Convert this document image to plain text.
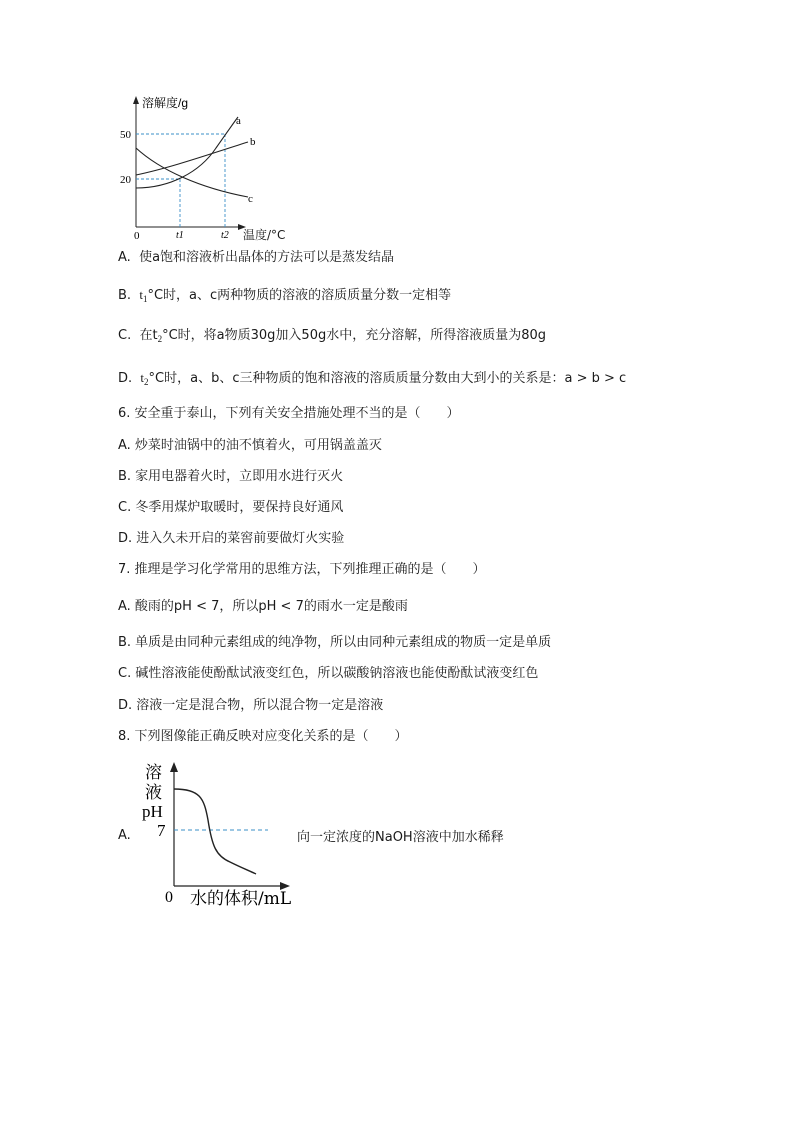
溶解度/g
50
20
0	t1	t2
a
b
c
温度/°C
A. 使a饱和溶液析出晶体的方法可以是蒸发结晶
B. $t_1^\circ C$时，a、c两种物质的溶液的溶质质量分数一定相等
C. 在$t_2^\circ C$时，将a物质30g加入50g水中，充分溶解，所得溶液质量为80g
D. $t_2^\circ C$时，a、b、c三种物质的饱和溶液的溶质质量分数由大到小的关系是：a > b > c
6. 安全重于泰山，下列有关安全措施处理不当的是（　　）
A. 炒菜时油锅中的油不慎着火，可用锅盖盖灭
B. 家用电器着火时，立即用水进行灭火
C. 冬季用煤炉取暖时，要保持良好通风
D. 进入久未开启的菜窖前要做灯火实验
7. 推理是学习化学常用的思维方法，下列推理正确的是（　　）
A. 酸雨的pH < 7，所以pH < 7的雨水一定是酸雨
B. 单质是由同种元素组成的纯净物，所以由同种元素组成的物质一定是单质
C. 碱性溶液能使酚酞试液变红色，所以碳酸钠溶液也能使酚酞试液变红色
D. 溶液一定是混合物，所以混合物一定是溶液
8. 下列图像能正确反映对应变化关系的是（　　）
A.
溶
液
pH
7
0 水的体积/mL
向一定浓度的NaOH溶液中加水稀释
